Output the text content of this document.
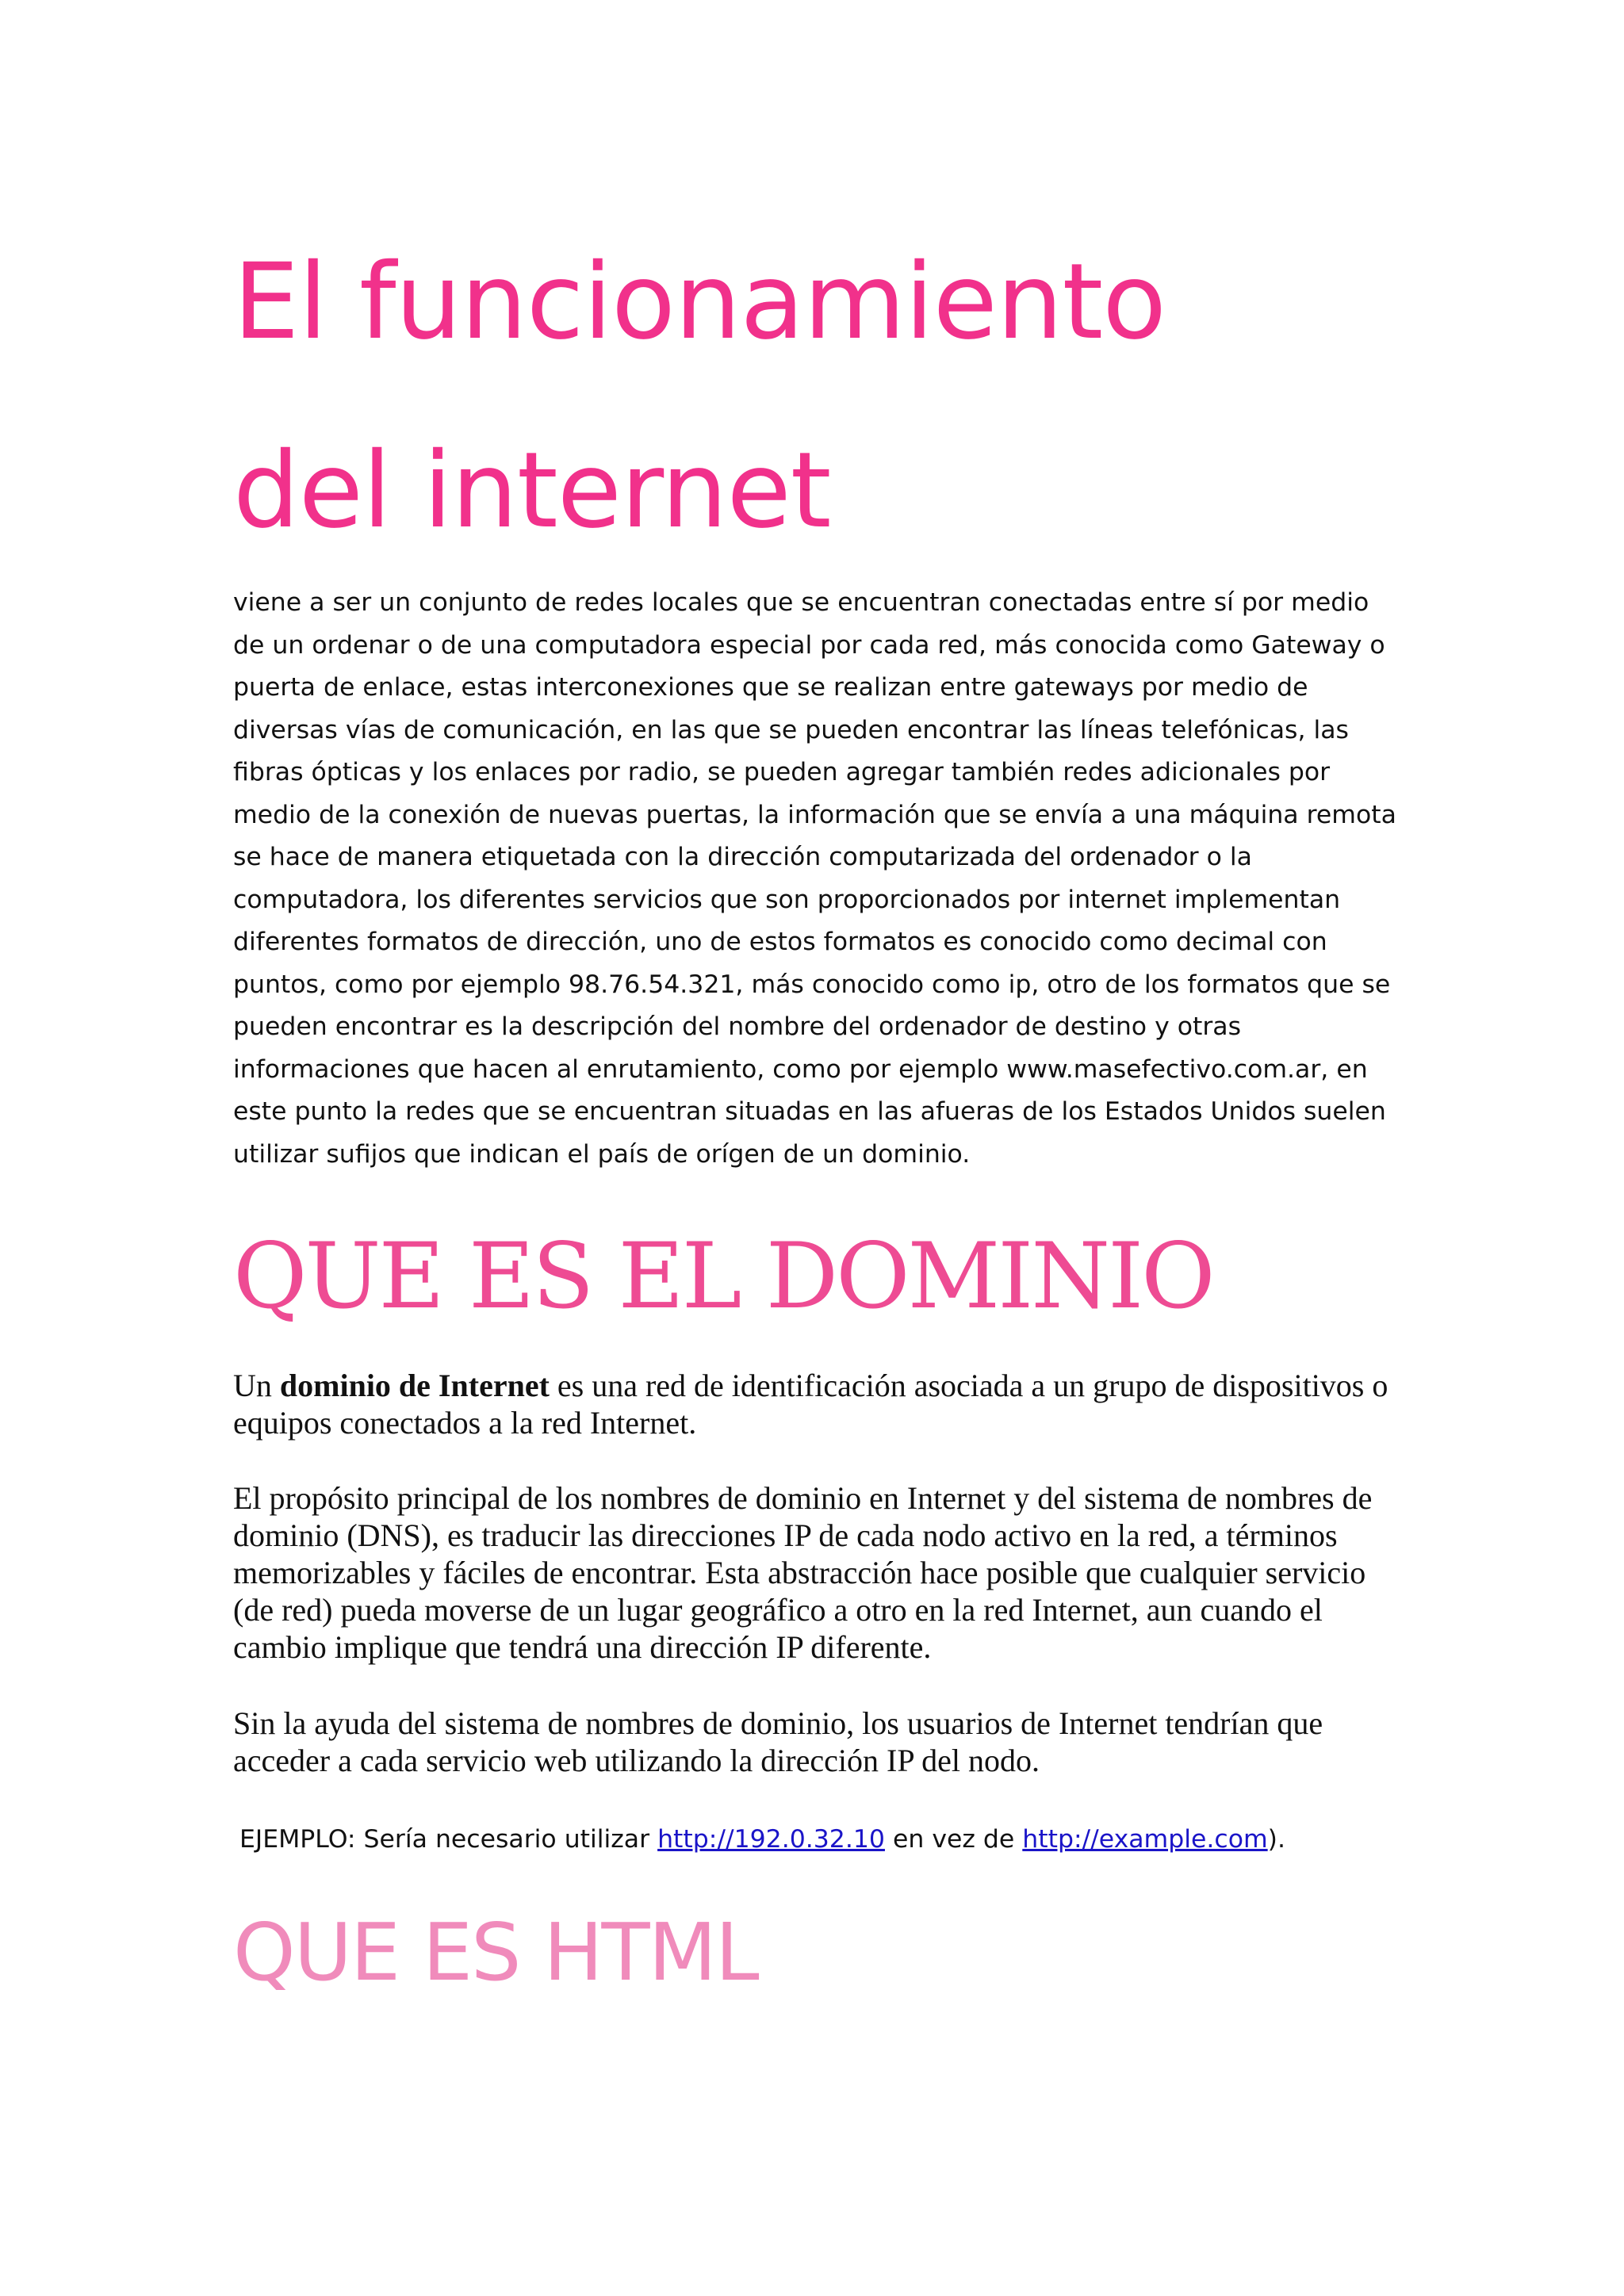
El funcionamiento
del internet

viene a ser un conjunto de redes locales que se encuentran conectadas entre sí por medio de un ordenar o de una computadora especial por cada red, más conocida como Gateway o puerta de enlace, estas interconexiones que se realizan entre gateways por medio de diversas vías de comunicación, en las que se pueden encontrar las líneas telefónicas, las fibras ópticas y los enlaces por radio, se pueden agregar también redes adicionales por medio de la conexión de nuevas puertas, la información que se envía a una máquina remota se hace de manera etiquetada con la dirección computarizada del ordenador o la computadora, los diferentes servicios que son proporcionados por internet implementan diferentes formatos de dirección, uno de estos formatos es conocido como decimal con puntos, como por ejemplo 98.76.54.321, más conocido como ip, otro de los formatos que se pueden encontrar es la descripción del nombre del ordenador de destino y otras informaciones que hacen al enrutamiento, como por ejemplo www.masefectivo.com.ar, en este punto la redes que se encuentran situadas en las afueras de los Estados Unidos suelen utilizar sufijos que indican el país de orígen de un dominio.

QUE ES EL DOMINIO

Un dominio de Internet es una red de identificación asociada a un grupo de dispositivos o equipos conectados a la red Internet.

El propósito principal de los nombres de dominio en Internet y del sistema de nombres de dominio (DNS), es traducir las direcciones IP de cada nodo activo en la red, a términos memorizables y fáciles de encontrar. Esta abstracción hace posible que cualquier servicio (de red) pueda moverse de un lugar geográfico a otro en la red Internet, aun cuando el cambio implique que tendrá una dirección IP diferente.

Sin la ayuda del sistema de nombres de dominio, los usuarios de Internet tendrían que acceder a cada servicio web utilizando la dirección IP del nodo.

EJEMPLO: Sería necesario utilizar http://192.0.32.10 en vez de http://example.com).

QUE ES HTML
